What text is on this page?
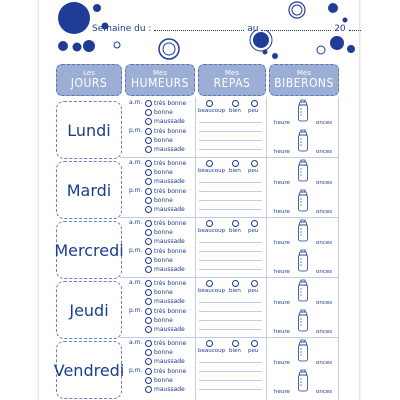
Semaine du :	au	20
Les
JOURS
Mes
HUMEURS
Mes
REPAS
Mes
BIBERONS
Lundi
a.m.	très bonne
bonne
maussade
p.m.	très bonne
bonne
maussade
beaucoup bien peu
heure	onces
heure	onces
Mardi
a.m.	très bonne
bonne
maussade
p.m.	très bonne
bonne
maussade
beaucoup bien peu
heure	onces
heure	onces
Mercredi
a.m.	très bonne
bonne
maussade
p.m.	très bonne
bonne
maussade
beaucoup bien peu
heure	onces
heure	onces
Jeudi
a.m.	très bonne
bonne
maussade
p.m.	très bonne
bonne
maussade
beaucoup bien peu
heure	onces
heure	onces
Vendredi
a.m.	très bonne
bonne
maussade
p.m.	très bonne
bonne
maussade
beaucoup bien peu
heure	onces
heure	onces
